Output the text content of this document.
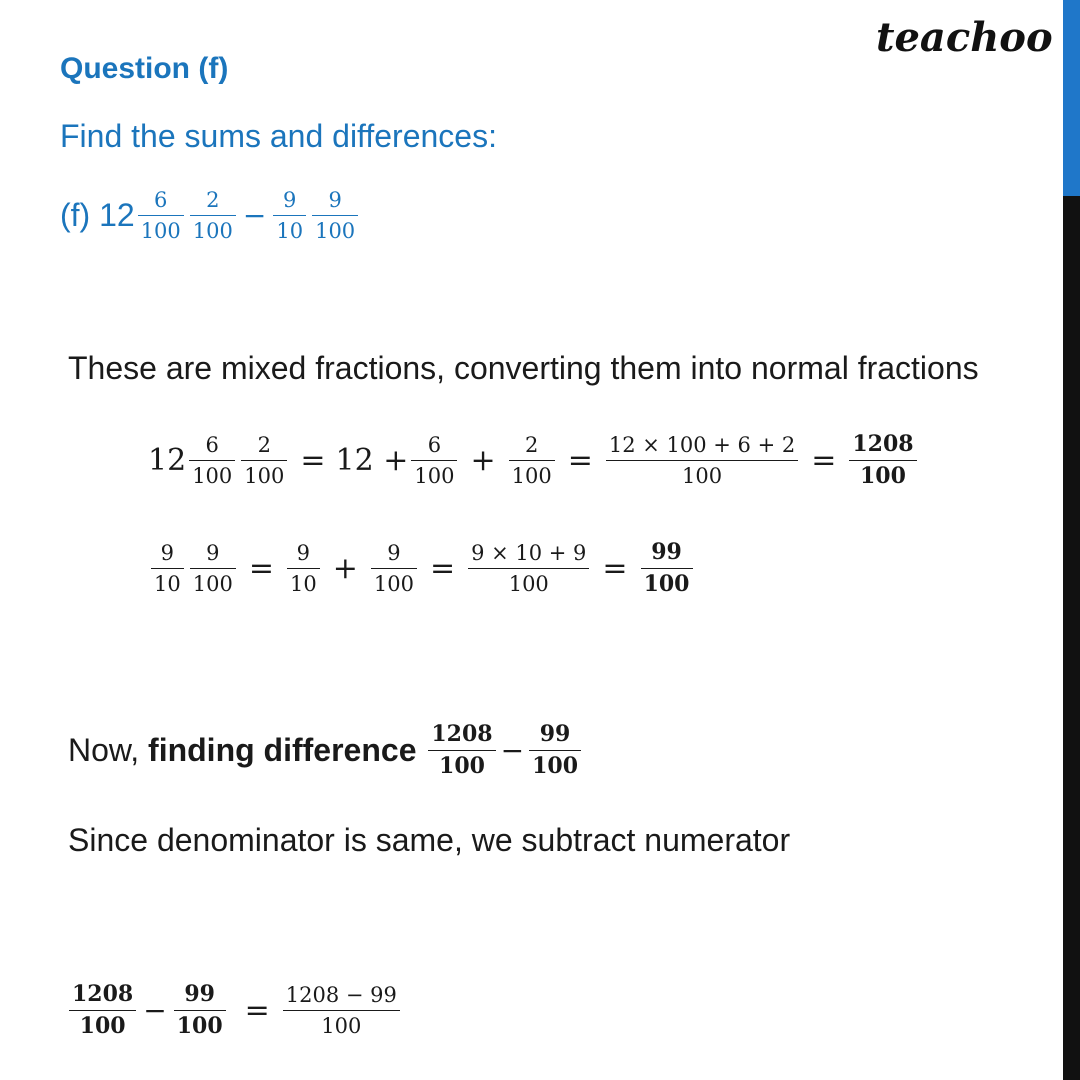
teachoo
Question (f)
Find the sums and differences:
(f) $12 \frac{6}{100} \frac{2}{100} - \frac{9}{10} \frac{9}{100}$
These are mixed fractions, converting them into normal fractions
$12 \frac{6}{100} \frac{2}{100} = 12 + \frac{6}{100} + \frac{2}{100} = \frac{12 \times 100 + 6 + 2}{100} = \frac{1208}{100}$
$\frac{9}{10} \frac{9}{100} = \frac{9}{10} + \frac{9}{100} = \frac{9 \times 10 + 9}{100} = \frac{99}{100}$
Now, finding difference $\frac{1208}{100} - \frac{99}{100}$
Since denominator is same, we subtract numerator
$\frac{1208}{100} - \frac{99}{100} = \frac{1208 - 99}{100}$
